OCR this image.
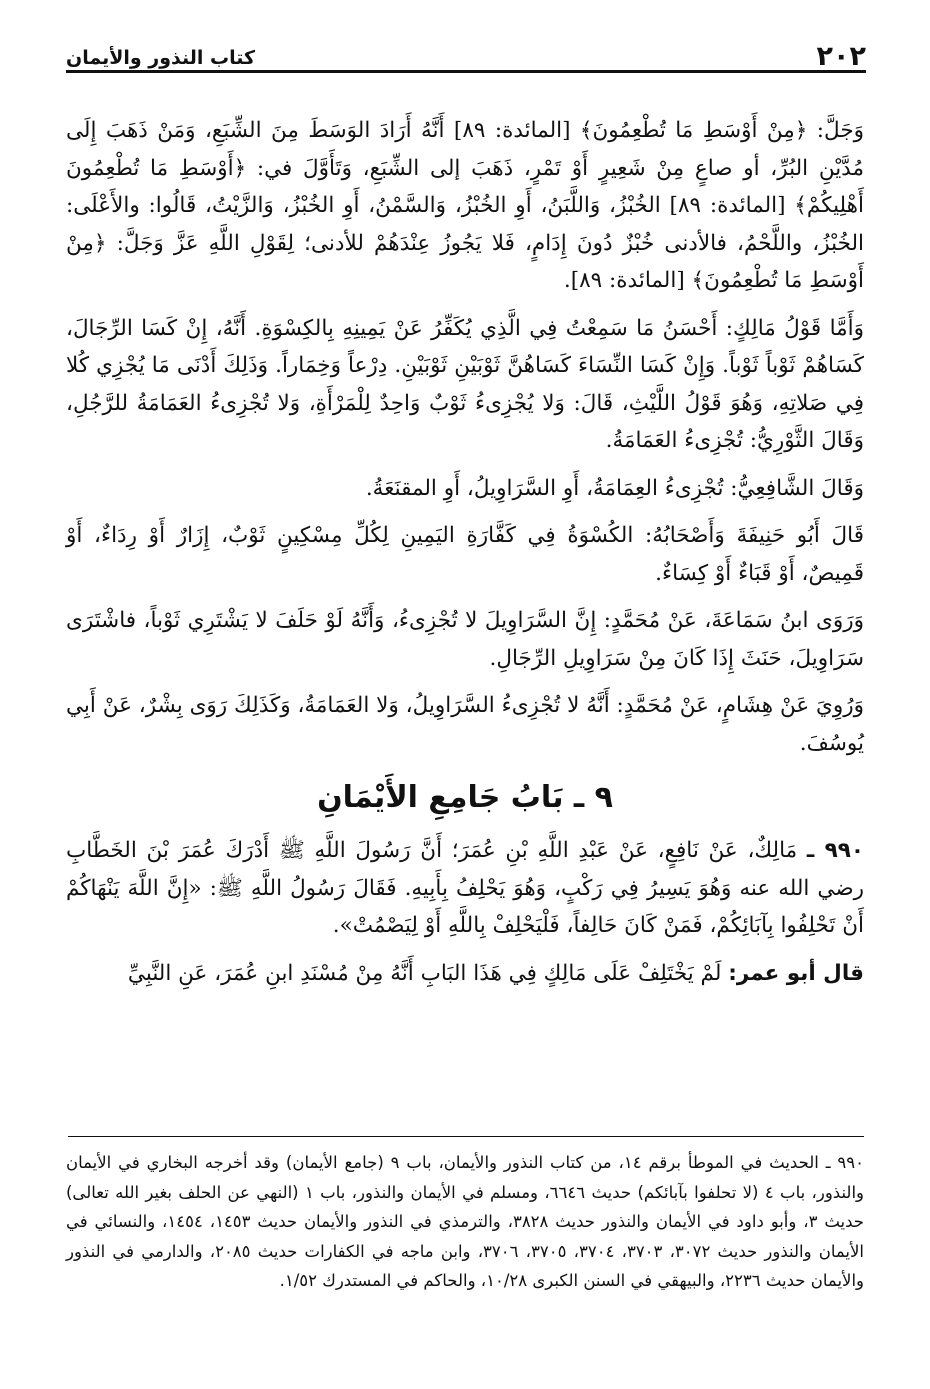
٢٠٢
كتاب النذور والأيمان

وَجَلَّ: ﴿مِنْ أَوْسَطِ مَا تُطْعِمُونَ﴾ [المائدة: ٨٩] أَنَّهُ أَرَادَ الوَسَطَ مِنَ الشِّبَعِ، وَمَنْ ذَهَبَ إِلَى مُدَّيْنِ البُرِّ، أو صاعٍ مِنْ شَعِيرٍ أَوْ تَمْرٍ، ذَهَبَ إلى الشِّبَعِ، وَتَأَوَّلَ في: ﴿أَوْسَطِ مَا تُطْعِمُونَ أَهْلِيكُمْ﴾ [المائدة: ٨٩] الخُبْزُ، وَاللَّبَنُ، أَوِ الخُبْزُ، وَالسَّمْنُ، أَوِ الخُبْزُ، وَالزَّيْتُ، قَالُوا: والأَعْلَى: الخُبْزُ، واللَّحْمُ، فالأدنى خُبْزٌ دُونَ إِدَامٍ، فَلا يَجُوزُ عِنْدَهُمْ للأدنى؛ لِقَوْلِ اللَّهِ عَزَّ وَجَلَّ: ﴿مِنْ أَوْسَطِ مَا تُطْعِمُونَ﴾ [المائدة: ٨٩].

وَأَمَّا قَوْلُ مَالِكٍ: أَحْسَنُ مَا سَمِعْتُ فِي الَّذِي يُكَفِّرُ عَنْ يَمِينِهِ بِالكِسْوَةِ. أَنَّهُ، إِنْ كَسَا الرِّجَالَ، كَسَاهُمْ ثَوْباً ثَوْباً. وَإِنْ كَسَا النِّسَاءَ كَسَاهُنَّ ثَوْبَيْنِ ثَوْبَيْنِ. دِرْعاً وَخِمَاراً. وَذَلِكَ أَدْنَى مَا يُجْزِي كُلا فِي صَلاتِهِ، وَهُوَ قَوْلُ اللَّيْثِ، قَالَ: وَلا يُجْزِىءُ ثَوْبٌ وَاحِدٌ لِلْمَرْأَةِ، وَلا تُجْزِىءُ العَمَامَةُ للرَّجُلِ، وَقَالَ الثَّوْرِيُّ: تُجْزِىءُ العَمَامَةُ.

وَقَالَ الشَّافِعِيُّ: تُجْزِىءُ العِمَامَةُ، أَوِ السَّرَاوِيلُ، أَوِ المقنَعَةُ.

قَالَ أَبُو حَنِيفَةَ وَأَصْحَابُهُ: الكُسْوَةُ فِي كَفَّارَةِ اليَمِينِ لِكُلِّ مِسْكِينٍ ثَوْبٌ، إِزَارٌ أَوْ رِدَاءٌ، أَوْ قَمِيصٌ، أَوْ قَبَاءٌ أَوْ كِسَاءٌ.

وَرَوَى ابنُ سَمَاعَةَ، عَنْ مُحَمَّدٍ: إِنَّ السَّرَاوِيلَ لا تُجْزِىءُ، وَأَنَّهُ لَوْ حَلَفَ لا يَشْتَرِي ثَوْباً، فاشْتَرَى سَرَاوِيلَ، حَنَثَ إِذَا كَانَ مِنْ سَرَاوِيلِ الرِّجَالِ.

وَرُوِيَ عَنْ هِشَامٍ، عَنْ مُحَمَّدٍ: أَنَّهُ لا تُجْزِىءُ السَّرَاوِيلُ، وَلا العَمَامَةُ، وَكَذَلِكَ رَوَى بِشْرٌ، عَنْ أَبِي يُوسُفَ.

٩ ـ بَابُ جَامِعِ الأَيْمَانِ

٩٩٠ ـ مَالِكٌ، عَنْ نَافِعٍ، عَنْ عَبْدِ اللَّهِ بْنِ عُمَرَ؛ أَنَّ رَسُولَ اللَّهِ ﷺ أَدْرَكَ عُمَرَ بْنَ الخَطَّابِ رضي الله عنه وَهُوَ يَسِيرُ فِي رَكْبٍ، وَهُوَ يَحْلِفُ بِأَبِيهِ. فَقَالَ رَسُولُ اللَّهِ ﷺ: «إِنَّ اللَّهَ يَنْهَاكُمْ أَنْ تَحْلِفُوا بِآبَائِكُمْ، فَمَنْ كَانَ حَالِفاً، فَلْيَحْلِفْ بِاللَّهِ أَوْ لِيَصْمُتْ».

قال أبو عمر: لَمْ يَخْتَلِفْ عَلَى مَالِكٍ فِي هَذَا البَابِ أَنَّهُ مِنْ مُسْنَدِ ابنِ عُمَرَ، عَنِ النَّبِيِّ

٩٩٠ ـ الحديث في الموطأ برقم ١٤، من كتاب النذور والأيمان، باب ٩ (جامع الأيمان) وقد أخرجه البخاري في الأيمان والنذور، باب ٤ (لا تحلفوا بآبائكم) حديث ٦٦٤٦، ومسلم في الأيمان والنذور، باب ١ (النهي عن الحلف بغير الله تعالى) حديث ٣، وأبو داود في الأيمان والنذور حديث ٣٨٢٨، والترمذي في النذور والأيمان حديث ١٤٥٣، ١٤٥٤، والنسائي في الأيمان والنذور حديث ٣٠٧٢، ٣٧٠٣، ٣٧٠٤، ٣٧٠٥، ٣٧٠٦، وابن ماجه في الكفارات حديث ٢٠٨٥، والدارمي في النذور والأيمان حديث ٢٢٣٦، والبيهقي في السنن الكبرى ١٠/٢٨، والحاكم في المستدرك ١/٥٢.
